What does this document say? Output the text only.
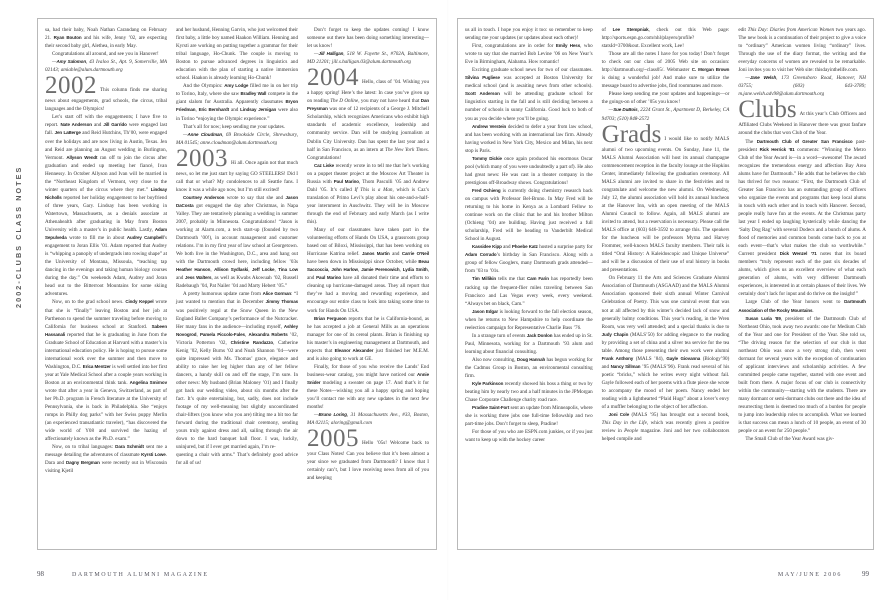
2002-CLUBS CLASS NOTES

sa, had their baby, Noah Nathan Carandang on February 21. Ryan Bouton and his wife, Jenny ’02, are expecting their second baby girl, Alethea, in early May.

Congratulations all around, and see you in Hanover!

—Amy Salomon, 43 Ivaloo St., Apt. 9, Somerville, MA 02143; amiable@alum.dartmouth.org

2002 This column finds me sharing news about engagements, grad schools, the circus, tribal languages and the Olympics!

Let’s start off with the engagements; I have five to report. Nate Anderson and Jill Garrido were engaged last fall. Jen LaBerge and Reid Hutchins, Th’00, were engaged over the holidays and are now living in Austin, Texas. Jen and Reid are planning an August wedding in Burlington, Vermont. Allyson Wendt ran off to join the circus after graduation and ended up meeting her fiancé, Ivan Hennessy. In October Allyson and Ivan will be married in the “Northeast Kingdom of Vermont, very close to the winter quarters of the circus where they met.” Lindsay Nicholls reported her holiday engagement to her boyfriend of three years, Gary. Lindsay has been working in Watertown, Massachusetts, as a denials associate at Athenahealth after graduating in May from Boston University with a master’s in public health. Lastly, Adam Sepulveda wrote to fill me in about Audrey Campbell’s engagement to Joran Ellis ’01. Adam reported that Audrey is “whipping a panoply of undergrads into rowing shape” at the University of Montana, Missoula, “teaching tap dancing in the evenings and taking human biology courses during the day.” On weekends Adam, Audrey and Joran head out to the Bitterroot Mountains for some skiing adventures.

Now, on to the grad school news. Cindy Keppel wrote that she is “finally” leaving Boston and her job at Parthenon to spend the summer traveling before moving to California for business school at Stanford. Sabeen Hassanali reported that he is graduating in June from the Graduate School of Education at Harvard with a master’s in international education policy. He is hoping to pursue some international work over the summer and then move to Washington, D.C. Erica Mentzer is well settled into her first year at Yale Medical School after a couple years working in Boston at an environmental think tank. Angelina Smirnov wrote that after a year in Geneva, Switzerland, as part of her Ph.D. program in French literature at the University of Pennsylvania, she is back in Philadelphia. She “enjoys romps in Philly dog parks” with her Swiss puppy Merlin (an experienced transatlantic traveler), “has discovered the wide world of Y08 and survived the hazing of affectionately known as the Ph.D. exam.”

Now, on to tribal languages: Dara Schmidt sent me a message detailing the adventures of classmate Kyrsti Lowe. Dara and Dagny Bergman were recently out in Wisconsin visiting Kjetil

and her husband, Henning Garvin, who just welcomed their first baby, a little boy named Haakon William. Henning and Kyrsti are working on putting together a grammar for their tribal language, Ho-Chunk. The couple is moving to Boston to pursue advanced degrees in linguistics and education with the plan of starting a native immersion school. Haakon is already learning Ho-Chunk!

And the Olympics: Amy Lodge filled me in on her trip to Torino, Italy, where she saw Bradley Wall compete in the giant slalom for Australia. Apparently classmates Bryon Friedman, Eric Bernhardt and Lindsay Jernigan were also in Torino “enjoying the Olympic experience.”

That’s all for now; keep sending me your updates.

—Anne Cloudman, 69 Brookside Circle, Shrewsbury, MA 01545; anne.cloudman@alum.dartmouth.org

2003 Hi all. Once again not that much news, so let me just start by saying GO STEELERS! Did I call that or what? My condolences to all Seattle fans. I know it was a while ago now, but I’m still excited!

Courtney Anderson wrote to say that she and Jason DaCosta got engaged the day after Christmas, in Napa Valley. They are tentatively planning a wedding in summer 2007, probably in Minnesota. Congratulations! “Jason is working at Alarm.com, a tech start-up (founded by two Dartmouth ’00!), in account management and customer relations. I’m in my first year of law school at Georgetown. We both live in the Washington, D.C., area and hang out with the Dartmouth crowd here, including fellow ’03s Heather Hanson, Allison Sydlaski, Jeff Locke, Tina Low and Jess Walters, as well as Kwabs Akowuah ’02, Russell Radebaugh ’04, Pat Nailer ’04 and Marty Hebert ’05.”

A pretty humorous update came from Alice Gorman: “I just wanted to mention that in December Jimmy Thomas was positively regal at the Snow Queen in the New England Ballet Company’s performance of the Nutcracker. Her many fans in the audience—including myself, Ashley Novogrod, Pamela Piccolo-Fales, Alexandra Roberts ’02, Victoria Potterton ’02, Christine Randazzo, Catherine Kenig ’02, Kelly Burns ’02 and Noah Shannon ’04—were quite impressed with Ms. Thomas’ grace, elegance and ability to raise her leg higher than any of her fellow dancers, a handy skill on and off the stage, I’m sure. In other news: My husband (Brian Maloney ’01) and I finally got back our wedding video, about six months after the fact. It’s quite entertaining, but, sadly, does not include footage of my well-meaning but slightly uncoordinated chair-lifters (you know who you are) tilting me a bit too far forward during the traditional chair ceremony, sending yours truly against dress and all, sailing through the air down to the hard banquet hall floor. I was, luckily, uninjured, but if I ever get married again, I’m re-

questing a chair with arms.” That’s definitely good advice for all of us!

Don’t forget to keep the updates coming! I know someone out there has been doing something interesting—let us know!

—Jill Halligan, 518 W. Fayette St., #702A, Baltimore, MD 21201; jill.s.halligan.03@alum.dartmouth.org

2004 Hello, class of ’04. Wishing you a happy spring! Here’s the latest: In case you’ve given up on reading The D Online, you may not have heard that Dan Preysman was one of 12 recipients of a George J. Mitchell Scholarship, which recognizes Americans who exhibit high standards of academic excellence, leadership and community service. Dan will be studying journalism at Dublin City University. Dan has spent the last year and a half in San Francisco, as an intern at The New York Times. Congratulations!

Caz Liske recently wrote in to tell me that he’s working on a puppet theater project at the Moscow Art Theater in Russia with Paul Marino, Thom Pasculli ’05 and Andrew Dahl ’05. It’s called If This is a Man, which is Caz’s translation of Primo Levi’s play about his one-and-a-half-year internment in Auschwitz. They will be in Moscow through the end of February and early March (as I write this).

Many of our classmates have taken part in the volunteering efforts of Hands On USA, a grassroots group based out of Biloxi, Mississippi, that has been working on Hurricane Katrina relief. Janos Martin and Carrie O’Neil have been down in Mississippi since October, while Beau Saccoccia, John Harlow, Jamie Perenowich, Lydia Smith, and Paul Marino have all donated their time and efforts to cleaning up hurricane-damaged areas. They all report that they’ve had a moving and rewarding experience, and encourage our entire class to look into taking some time to work for Hands On USA.

Brian Ferguson reports that he is California-bound, as he has accepted a job at General Mills as an operations manager for one of its cereal plants. Brian is finishing up his master’s in engineering management at Dartmouth, and expects that Eleanor Alexander just finished her M.E.M. and is also going to work at GE.

Finally, for those of you who receive the Lands’ End business-wear catalog, you might have noticed our Annie Snider modeling a sweater on page 17. And that’s it for these Notes—wishing you all a happy spring and hoping you’ll contact me with any new updates in the next few months!

—Bruno Loring, 31 Massachusetts Ave., #33, Boston, MA 02115; aloring@gmail.com

2005 Hello ’05s! Welcome back to your Class Notes! Can you believe that it’s been almost a year since we graduated from Dartmouth? I know that I certainly can’t, but I love receiving news from all of you and keeping

98	DARTMOUTH ALUMNI MAGAZINE

us all in touch. I hope you enjoy it too: so remember to keep sending me your updates (or updates about each other)!

First, congratulations are in order for Emily Hess, who wrote to say that she married Bob Levine ’06 on New Year’s Eve in Birmingham, Alabama. How romantic!

Exciting graduate school news for two of our classmates. Silvina Pugliese was accepted at Boston University for medical school (and is awaiting news from other schools). Scott Anderson will be attending graduate school for linguistics starting in the fall and is still deciding between a number of schools in sunny California. Good luck to both of you as you decide where you’ll be going.

Andrew Verstein decided to defer a year from law school, and has been working with an international law firm. Already having worked in New York City, Mexico and Milan, his next stop is Paris.

Tommy Dickie once again produced his enormous Oscar pool (which many of you were undoubtedly a part of). He also had great news: He was cast in a theater company in the prestigious off-Broadway shows. Congratulations!

Fred Ochieng is currently doing chemistry research back on campus with Professor Bel-Bruno. In May Fred will be returning to his home in Kenya as a Lombard Fellow to continue work on the clinic that he and his brother Milton (Ochieng ’04) are building. Having just received a full scholarship, Fred will be heading to Vanderbilt Medical School in August.

Kassidee Kipp and Phoebe Katz hosted a surprise party for Adam Corrado’s birthday in San Francisco. Along with a group of fellow Googlers, many Dartmouth grads attended—from ’03 to ’01s.

Tim Millikin tells me that Cam Farin has reportedly been racking up the frequent-flier miles traveling between San Francisco and Las Vegas every week, every weekend. “Always bet on black, Cam.”

Jason Edgar is looking forward to the fall election season, when he returns to New Hampshire to help coordinate the reelection campaign for Representative Charlie Bass ’76.

In a strange turn of events Jack Donlon has ended up in St. Paul, Minnesota, working for a Dartmouth ’93 alum and learning about financial consulting.

Also now consulting, Doug Hannah has begun working for the Cadmus Group in Boston, an environmental consulting firm.

Kyle Parkinson recently showed his boss a thing or two by beating him by nearly two and a half minutes in the JPMorgan Chase Corporate Challenge charity road race.

Pradine Saint-Fort sent an update from Minneapolis, where she is working three jobs one full-time fellowship and two part-time jobs. Don’t forget to sleep, Pradine!

For those of you who are ESPN.com junkies, or if you just want to keep up with the hockey career

of Lee Stempniak, check out this Web page: http://sports.espn.go.com/nhl/players/profile?statsId=3700&out. Excellent work, Lee!

Those are all the notes I have for you today! Don’t forget to check out our class of 2005 Web site on occasion: http://dartmouth.org/~class05/. Webmaster C. Morgan Brown is doing a wonderful job! And make sure to utilize the message board to advertise jobs, find roommates and more.

Please keep sending me your updates and happenings—or the goings-on of other ’05s you know!

—Sue DuBois, 2224 Grant St., Apartment D, Berkeley, CA 94703; (510) 848-2572

Grads I would like to notify MALS alumni of two upcoming events. On Sunday, June 11, the MALS Alumni Association will host its annual champagne commencement reception in the faculty lounge at the Hopkins Center, immediately following the graduation ceremony. All MALS alumni are invited to share in the festivities and to congratulate and welcome the new alumni. On Wednesday, July 12, the alumni association will hold its annual luncheon at the Hanover Inn, with an open meeting of the MALS Alumni Council to follow. Again, all MALS alumni are invited to attend, but a reservation is necessary. Please call the MALS office at (603) 646-3592 to arrange this. The speakers for the luncheon will be professors Myrna and Harvey Frommer, well-known MALS faculty members. Their talk is titled “Oral History: A Kaleidoscopic and Unique Universe” and will be a discussion of their use of oral history in books and presentations.

On February 11 the Arts and Sciences Graduate Alumni Association of Dartmouth (ASGAAD) and the MALS Alumni Association sponsored their sixth annual Winter Carnival Celebration of Poetry. This was one carnival event that was not at all affected by this winter’s decided lack of snow and generally balmy conditions. This year’s reading, in the Wren Room, was very well attended; and a special thanks is due to Judy Chapin (MALS’50) for adding elegance to the reading by providing a set of china and a silver tea service for the tea table. Among those presenting their own work were alumni Frank Anthony (MALS ’84), Gayle Giovanna (Biology’90) and Nancy Sillman ’95 (MALS’96). Frank read several of his poetic “bricks,” which he writes every night without fail. Gayle followed each of her poems with a flute piece she wrote to accompany the mood of her poem. Nancy ended her reading with a lighthearted “Plaid Hugs” about a lover’s envy of a muffler belonging to the object of her affection.

Joni Cole (MALS ’95) has brought out a second book, This Day in the Life, which was recently given a positive review in People magazine. Joni and her two collaborators helped compile and

edit This Day: Diaries from American Women two years ago. The new book is a continuation of their project to give a voice to “ordinary” American women living “ordinary” lives. Through the use of the diary format, the writing and the everyday concerns of women are revealed to be remarkable. Joni invites you to visit her Web site: thisdayinthelife.com.

—Jane Welsh, 173 Greensboro Road, Hanover, NH 03755; (603) 643-3789; m.jane.welsh.adv98@alum.dartmouth.org

Clubs At this year’s Club Officers and Affiliated Clubs Weekend in Hanover there was great fanfare around the clubs that won Club of the Year.

The Dartmouth Club of Greater San Francisco past-president Rick Herrick ’81 comments: “Winning the Metro Club of the Year Award is—in a word—awesome! The award recognizes the tremendous energy and affection Bay Area alums have for Dartmouth.” He adds that he believes the club has thrived for two reasons: “First, the Dartmouth Club of Greater San Francisco has an outstanding group of officers who organize the events and programs that keep local alums in touch with each other and in touch with Hanover. Second, people really have fun at the events. At the Christmas party last year I ended up laughing hysterically while dancing the ‘Salty Dog Rag’ with several Dodecs and a bunch of alums. A flood of memories and common bonds come back to you at each event—that’s what makes the club so worthwhile.” Current president Dick Wenzel ’71 notes that its board members “truly represent each of the past six decades of alums, which gives us an excellent overview of what each generation of alums, with very different Dartmouth experiences, is interested in at certain phases of their lives. We certainly don’t lack for input and do thrive on the insight!”

Large Club of the Year honors went to Dartmouth Association of the Rocky Mountains.

Susan Luria ’89, president of the Dartmouth Club of Northeast Ohio, took away two awards: one for Medium Club of the Year and one for President of the Year. She told us, “The driving reason for the selection of our club is that northeast Ohio was once a very strong club, then went dormant for several years with the exception of continuation of applicant interviews and scholarship activities. A few committed people came together, started with one event and built from there. A major focus of our club is connectivity within the community—starting with the students. There are many dormant or semi-dormant clubs out there and the idea of resurrecting them is deemed too much of a burden for people to jump into leadership roles to accomplish. What we learned is that success can mean a lunch of 10 people, an event of 30 people or an event for 250 people.”

The Small Club of the Year Award was giv-

MAY/JUNE 2006	99
